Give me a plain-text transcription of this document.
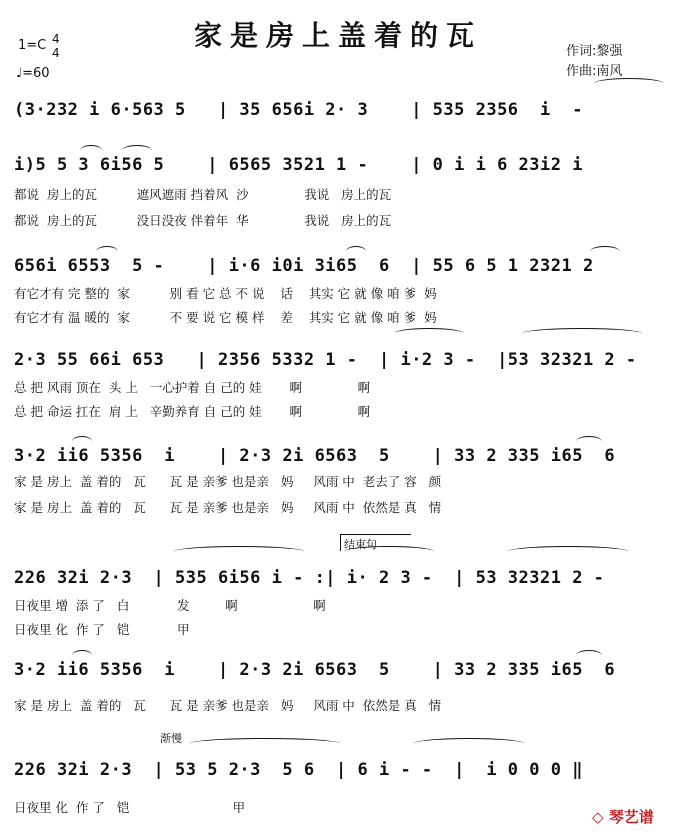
家是房上盖着的瓦
1=C 4
4
♩=60
作词:黎强
作曲:南风
(3·232 i 6·563 5   | 35 656i 2· 3    | 535 2356  i  -
i)5 5 3 6i56 5    | 6565 3521 1 -    | 0 i i 6 23i2 i
都说  房上的瓦          遮风遮雨 挡着风  沙              我说   房上的瓦
都说  房上的瓦          没日没夜 伴着年  华              我说   房上的瓦
656i 6553  5 -    | i·6 i0i 3i65  6  | 55 6 5 1 2321 2
有它才有 完 整的  家          别 看 它 总 不 说    话    其实 它 就 像 咱 爹  妈
有它才有 温 暖的  家          不 要 说 它 模 样    差    其实 它 就 像 咱 爹  妈
2·3 55 66i 653   | 2356 5332 1 -  | i·2 3 -  |53 32321 2 -
总 把 风雨 顶在  头 上   一心护着 自 己的 娃       啊              啊
总 把 命运 扛在  肩 上   辛勤养育 自 己的 娃       啊              啊
3·2 ii6 5356  i    | 2·3 2i 6563  5    | 33 2 335 i65  6
家 是 房上  盖 着的   瓦      瓦 是 亲爹 也是亲   妈     风雨 中  老去了 容   颜
家 是 房上  盖 着的   瓦      瓦 是 亲爹 也是亲   妈     风雨 中  依然是 真   情
结束句
226 32i 2·3  | 535 6i56 i - :| i· 2 3 -  | 53 32321 2 -
日夜里 增  添 了   白            发         啊                   啊
日夜里 化  作 了   铠            甲
3·2 ii6 5356  i    | 2·3 2i 6563  5    | 33 2 335 i65  6
家 是 房上  盖 着的   瓦      瓦 是 亲爹 也是亲   妈     风雨 中  依然是 真   情
渐慢
226 32i 2·3  | 53 5 2·3  5 6  | 6 i - -  |  i 0 0 0 ‖
日夜里 化  作 了   铠                          甲
◇ 琴艺谱
